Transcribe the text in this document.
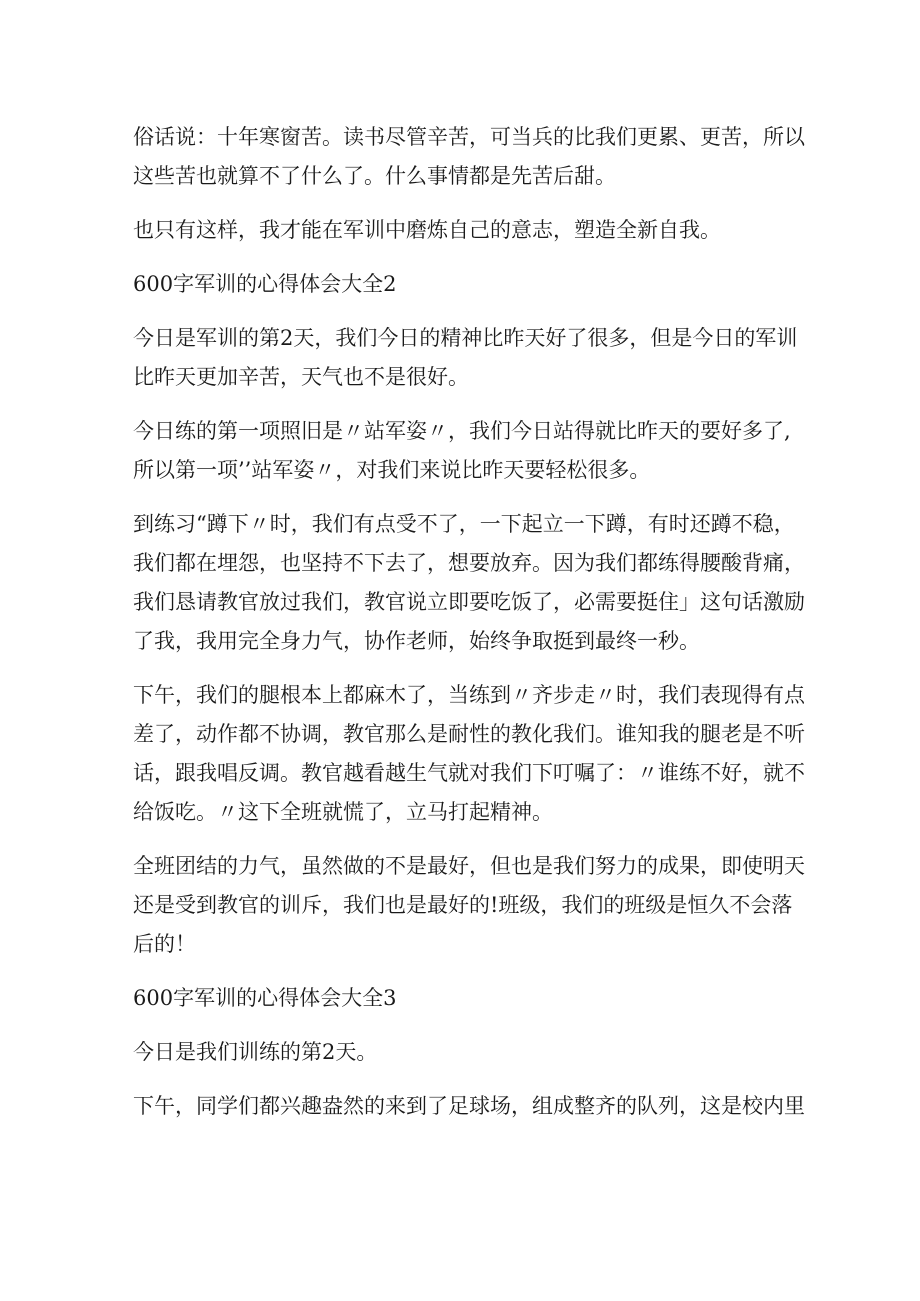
俗话说：十年寒窗苦。读书尽管辛苦，可当兵的比我们更累、更苦，所以
这些苦也就算不了什么了。什么事情都是先苦后甜。
也只有这样，我才能在军训中磨炼自己的意志，塑造全新自我。
600字军训的心得体会大全2
今日是军训的第2天，我们今日的精神比昨天好了很多，但是今日的军训
比昨天更加辛苦，天气也不是很好。
今日练的第一项照旧是〃站军姿〃，我们今日站得就比昨天的要好多了,
所以第一项’’站军姿〃，对我们来说比昨天要轻松很多。
到练习“蹲下〃时，我们有点受不了，一下起立一下蹲，有时还蹲不稳，
我们都在埋怨，也坚持不下去了，想要放弃。因为我们都练得腰酸背痛，
我们恳请教官放过我们，教官说立即要吃饭了，必需要挺住」这句话激励
了我，我用完全身力气，协作老师，始终争取挺到最终一秒。
下午，我们的腿根本上都麻木了，当练到〃齐步走〃时，我们表现得有点
差了，动作都不协调，教官那么是耐性的教化我们。谁知我的腿老是不听
话，跟我唱反调。教官越看越生气就对我们下叮嘱了：〃谁练不好，就不
给饭吃。〃这下全班就慌了，立马打起精神。
全班团结的力气，虽然做的不是最好，但也是我们努力的成果，即使明天
还是受到教官的训斥，我们也是最好的!班级，我们的班级是恒久不会落
后的！
600字军训的心得体会大全3
今日是我们训练的第2天。
下午，同学们都兴趣盎然的来到了足球场，组成整齐的队列，这是校内里
